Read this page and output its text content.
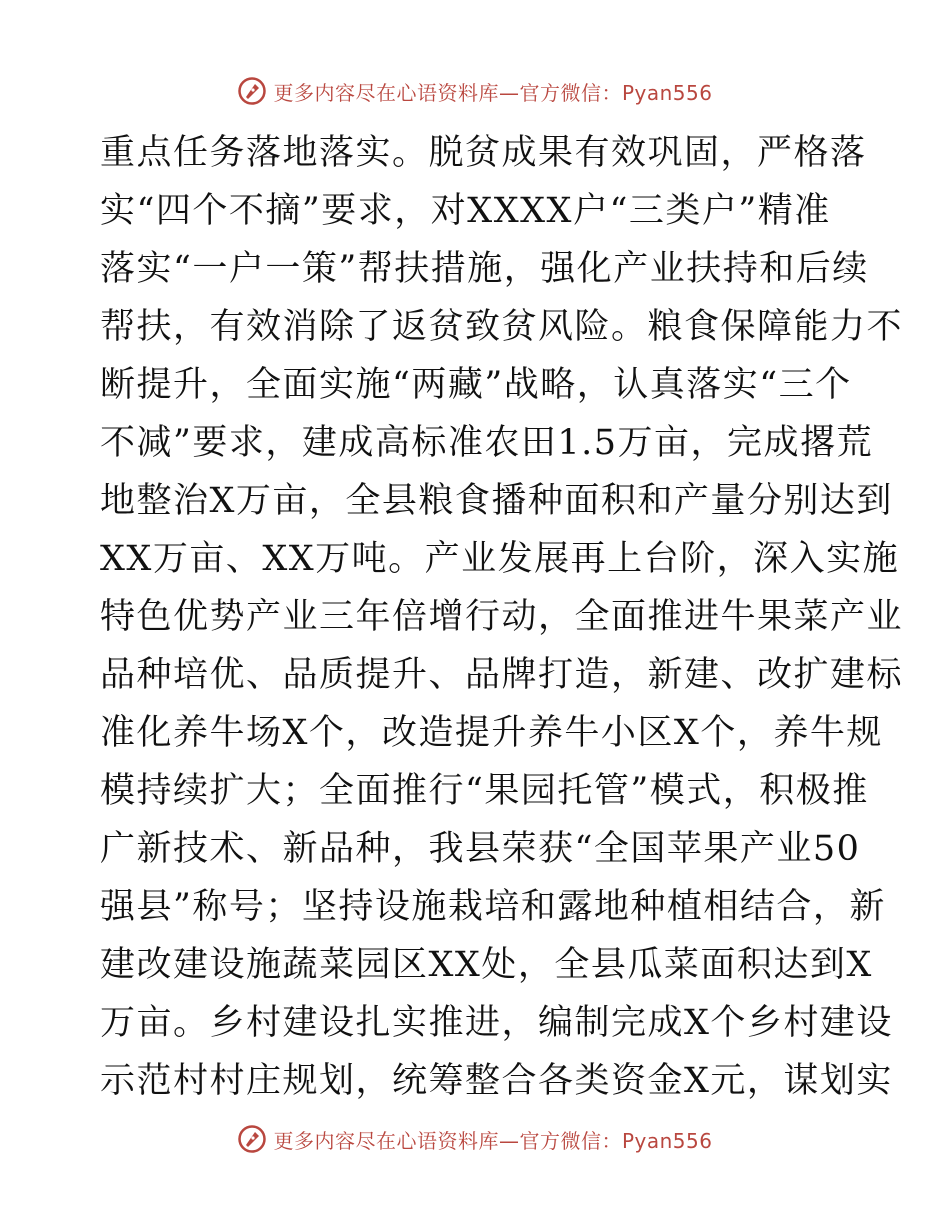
更多内容尽在心语资料库—官方微信：Pyan556
重点任务落地落实。脱贫成果有效巩固，严格落
实“四个不摘”要求，对XXXX户“三类户”精准
落实“一户一策”帮扶措施，强化产业扶持和后续
帮扶，有效消除了返贫致贫风险。粮食保障能力不
断提升，全面实施“两藏”战略，认真落实“三个
不减”要求，建成高标准农田1.5万亩，完成撂荒
地整治X万亩，全县粮食播种面积和产量分别达到
XX万亩、XX万吨。产业发展再上台阶，深入实施
特色优势产业三年倍增行动，全面推进牛果菜产业
品种培优、品质提升、品牌打造，新建、改扩建标
准化养牛场X个，改造提升养牛小区X个，养牛规
模持续扩大；全面推行“果园托管”模式，积极推
广新技术、新品种，我县荣获“全国苹果产业50
强县”称号；坚持设施栽培和露地种植相结合，新
建改建设施蔬菜园区XX处，全县瓜菜面积达到X
万亩。乡村建设扎实推进，编制完成X个乡村建设
示范村村庄规划，统筹整合各类资金X元，谋划实
更多内容尽在心语资料库—官方微信：Pyan556
